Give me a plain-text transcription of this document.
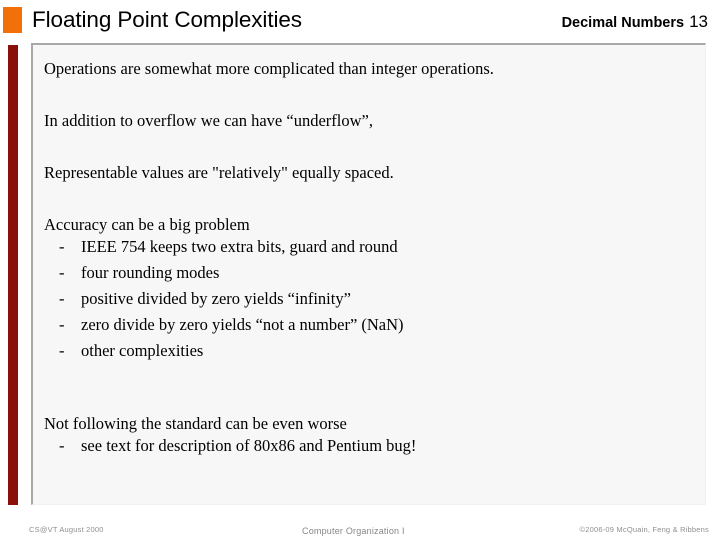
Floating Point Complexities	Decimal Numbers 13

Operations are somewhat more complicated than integer operations.

In addition to overflow we can have “underflow”,

Representable values are "relatively" equally spaced.

Accuracy can be a big problem

-	IEEE 754 keeps two extra bits, guard and round
-	four rounding modes
-	positive divided by zero yields “infinity”
-	zero divide by zero yields “not a number” (NaN)
-	other complexities

Not following the standard can be even worse

-	see text for description of 80x86 and Pentium bug!
CS@VT August 2000	Computer Organization I	©2006-09 McQuain, Feng & Ribbens
